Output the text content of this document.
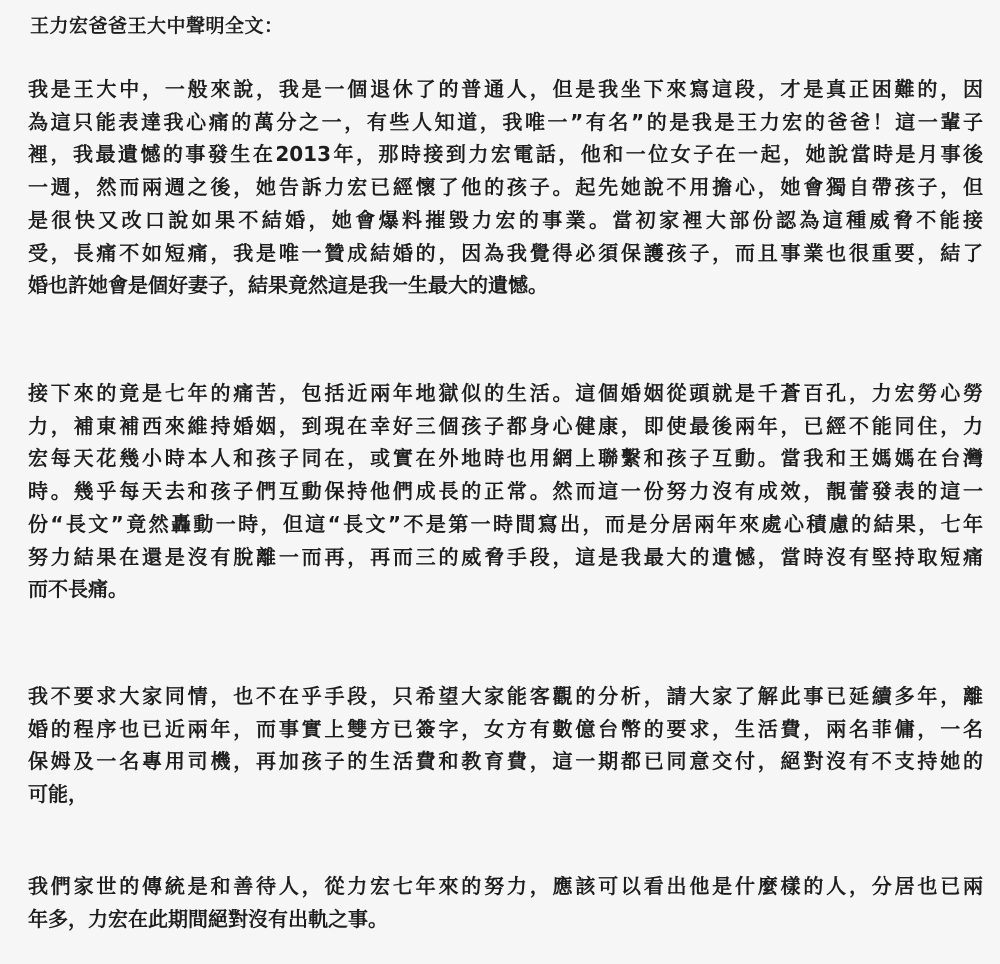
王力宏爸爸王大中聲明全文：

我是王大中，一般來說，我是一個退休了的普通人，但是我坐下來寫這段，才是真正困難的，因
為這只能表達我心痛的萬分之一，有些人知道，我唯一”有名”的是我是王力宏的爸爸！這一輩子
裡，我最遺憾的事發生在2013年，那時接到力宏電話，他和一位女子在一起，她說當時是月事後
一週，然而兩週之後，她告訴力宏已經懷了他的孩子。起先她說不用擔心，她會獨自帶孩子，但
是很快又改口說如果不結婚，她會爆料摧毀力宏的事業。當初家裡大部份認為這種威脅不能接
受，長痛不如短痛，我是唯一贊成結婚的，因為我覺得必須保護孩子，而且事業也很重要，結了
婚也許她會是個好妻子，結果竟然這是我一生最大的遺憾。

接下來的竟是七年的痛苦，包括近兩年地獄似的生活。這個婚姻從頭就是千蒼百孔，力宏勞心勞
力，補東補西來維持婚姻，到現在幸好三個孩子都身心健康，即使最後兩年，已經不能同住，力
宏每天花幾小時本人和孩子同在，或實在外地時也用網上聯繫和孩子互動。當我和王媽媽在台灣
時。幾乎每天去和孩子們互動保持他們成長的正常。然而這一份努力沒有成效，靚蕾發表的這一
份“長文”竟然轟動一時，但這“長文”不是第一時間寫出，而是分居兩年來處心積慮的結果，七年
努力結果在還是沒有脫離一而再，再而三的威脅手段，這是我最大的遺憾，當時沒有堅持取短痛
而不長痛。

我不要求大家同情，也不在乎手段，只希望大家能客觀的分析，請大家了解此事已延續多年，離
婚的程序也已近兩年，而事實上雙方已簽字，女方有數億台幣的要求，生活費，兩名菲傭，一名
保姆及一名專用司機，再加孩子的生活費和教育費，這一期都已同意交付，絕對沒有不支持她的
可能，

我們家世的傳統是和善待人，從力宏七年來的努力，應該可以看出他是什麼樣的人，分居也已兩
年多，力宏在此期間絕對沒有出軌之事。
